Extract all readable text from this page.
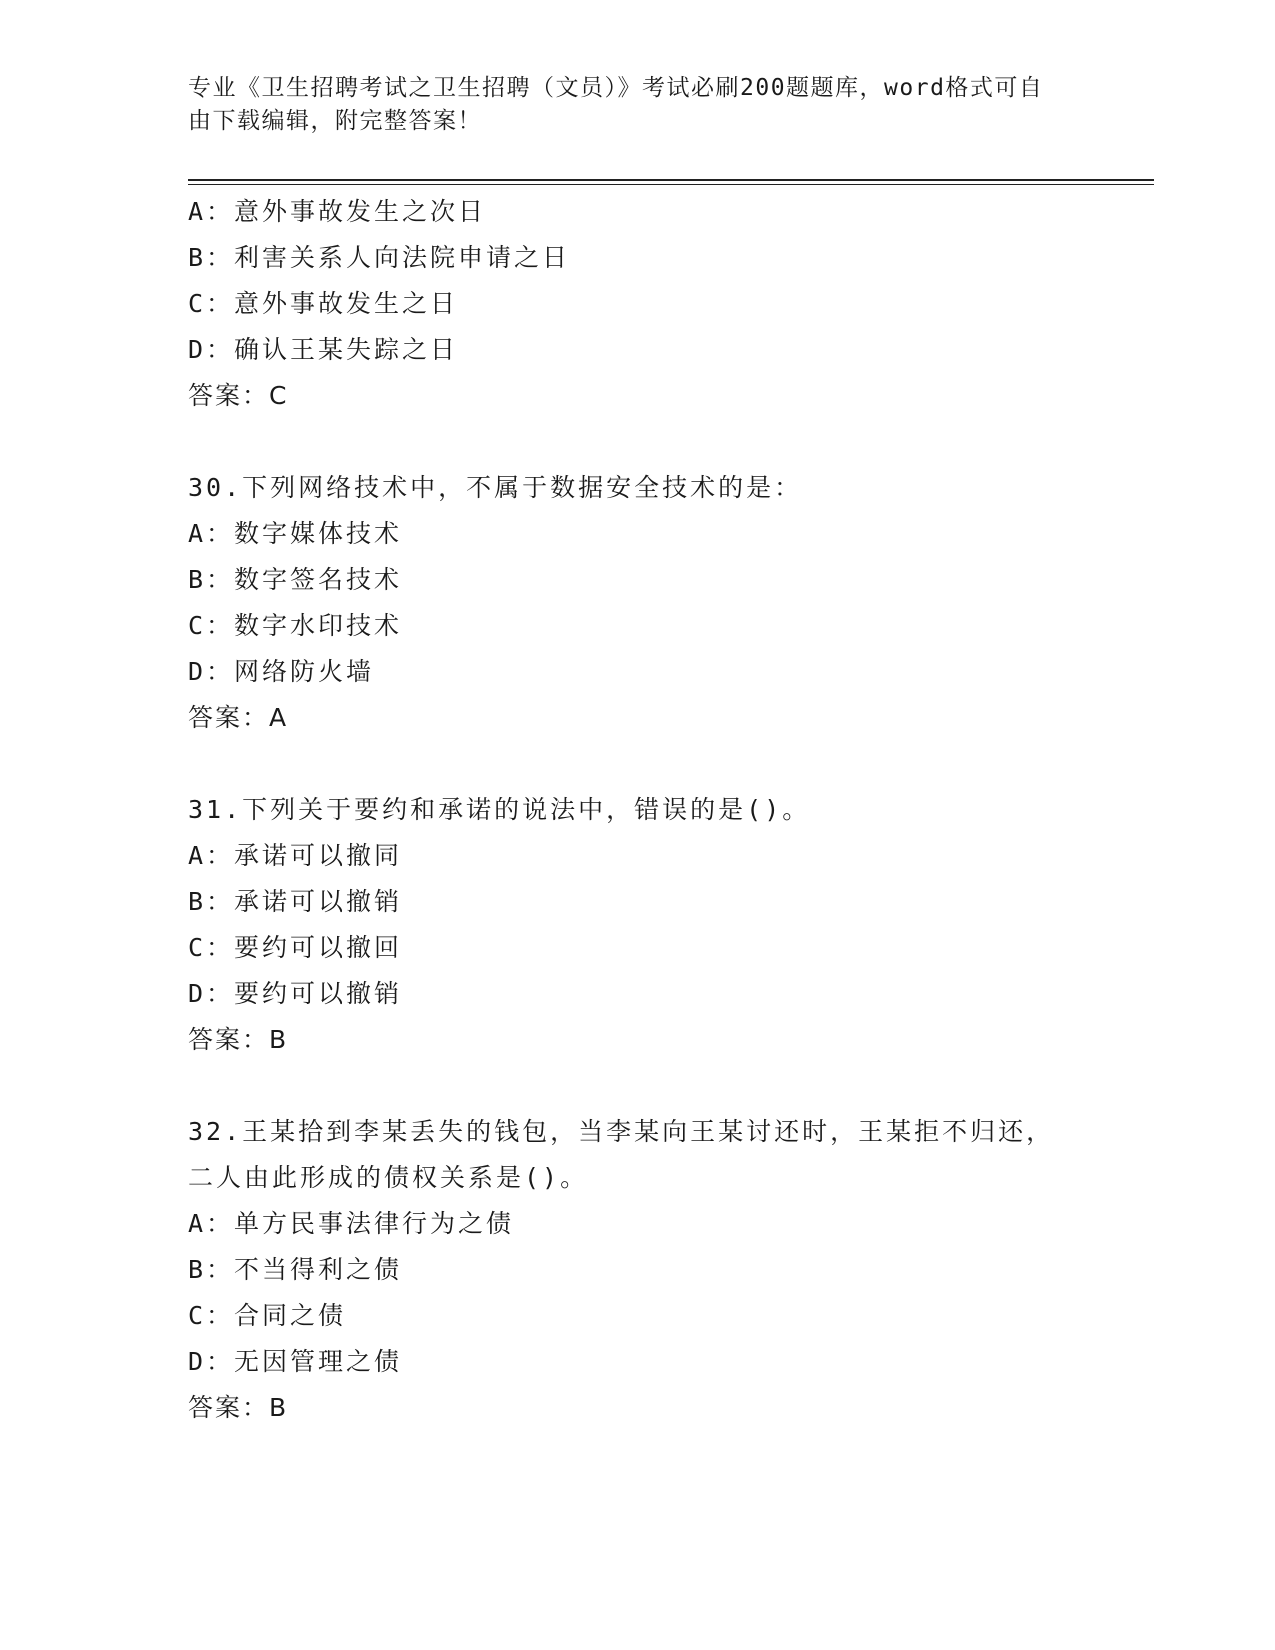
专业《卫生招聘考试之卫生招聘（文员）》考试必刷200题题库，word格式可自
由下载编辑，附完整答案！
A：意外事故发生之次日
B：利害关系人向法院申请之日
C：意外事故发生之日
D：确认王某失踪之日
答案：C
30.下列网络技术中，不属于数据安全技术的是：
A：数字媒体技术
B：数字签名技术
C：数字水印技术
D：网络防火墙
答案：A
31.下列关于要约和承诺的说法中，错误的是()。
A：承诺可以撤同
B：承诺可以撤销
C：要约可以撤回
D：要约可以撤销
答案：B
32.王某拾到李某丢失的钱包，当李某向王某讨还时，王某拒不归还，
二人由此形成的债权关系是()。
A：单方民事法律行为之债
B：不当得利之债
C：合同之债
D：无因管理之债
答案：B
